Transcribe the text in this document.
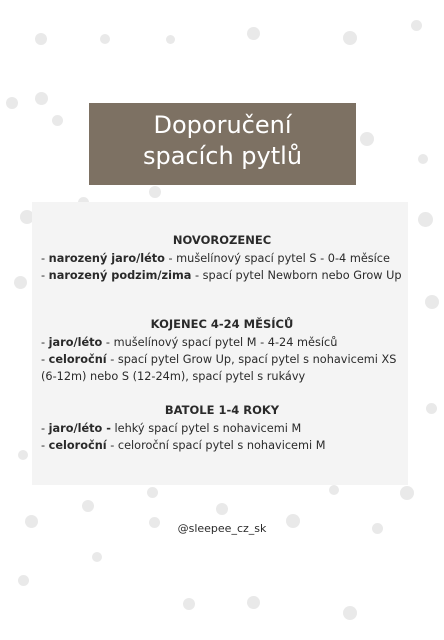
Doporučení
spacích pytlů
NOVOROZENEC
- narozený jaro/léto - mušelínový spací pytel S - 0-4 měsíce
- narozený podzim/zima - spací pytel Newborn nebo Grow Up
KOJENEC 4-24 MĚSÍCŮ
- jaro/léto - mušelínový spací pytel M - 4-24 měsíců
- celoroční - spací pytel Grow Up, spací pytel s nohavicemi XS (6-12m) nebo S (12-24m), spací pytel s rukávy
BATOLE 1-4 ROKY
- jaro/léto - lehký spací pytel s nohavicemi M
- celoroční - celoroční spací pytel s nohavicemi M
@sleepee_cz_sk
